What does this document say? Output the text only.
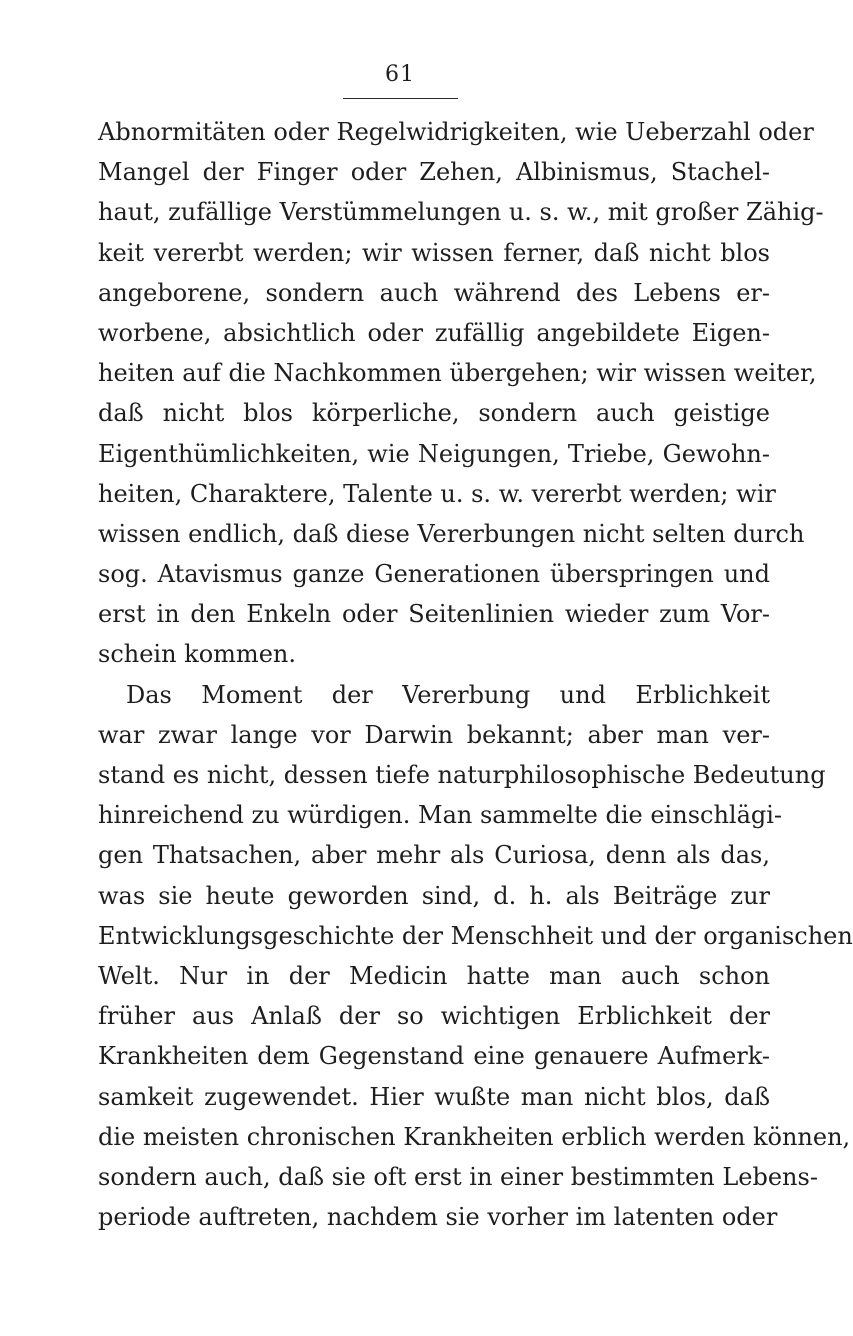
61
Abnormitäten oder Regelwidrigkeiten, wie Ueberzahl oder
Mangel der Finger oder Zehen, Albinismus, Stachel-
haut, zufällige Verstümmelungen u. s. w., mit großer Zähig-
keit vererbt werden; wir wissen ferner, daß nicht blos
angeborene, sondern auch während des Lebens er-
worbene, absichtlich oder zufällig angebildete Eigen-
heiten auf die Nachkommen übergehen; wir wissen weiter,
daß nicht blos körperliche, sondern auch geistige
Eigenthümlichkeiten, wie Neigungen, Triebe, Gewohn-
heiten, Charaktere, Talente u. s. w. vererbt werden; wir
wissen endlich, daß diese Vererbungen nicht selten durch
sog. Atavismus ganze Generationen überspringen und
erst in den Enkeln oder Seitenlinien wieder zum Vor-
schein kommen.
Das Moment der Vererbung und Erblichkeit
war zwar lange vor Darwin bekannt; aber man ver-
stand es nicht, dessen tiefe naturphilosophische Bedeutung
hinreichend zu würdigen. Man sammelte die einschlägi-
gen Thatsachen, aber mehr als Curiosa, denn als das,
was sie heute geworden sind, d. h. als Beiträge zur
Entwicklungsgeschichte der Menschheit und der organischen
Welt. Nur in der Medicin hatte man auch schon
früher aus Anlaß der so wichtigen Erblichkeit der
Krankheiten dem Gegenstand eine genauere Aufmerk-
samkeit zugewendet. Hier wußte man nicht blos, daß
die meisten chronischen Krankheiten erblich werden können,
sondern auch, daß sie oft erst in einer bestimmten Lebens-
periode auftreten, nachdem sie vorher im latenten oder
